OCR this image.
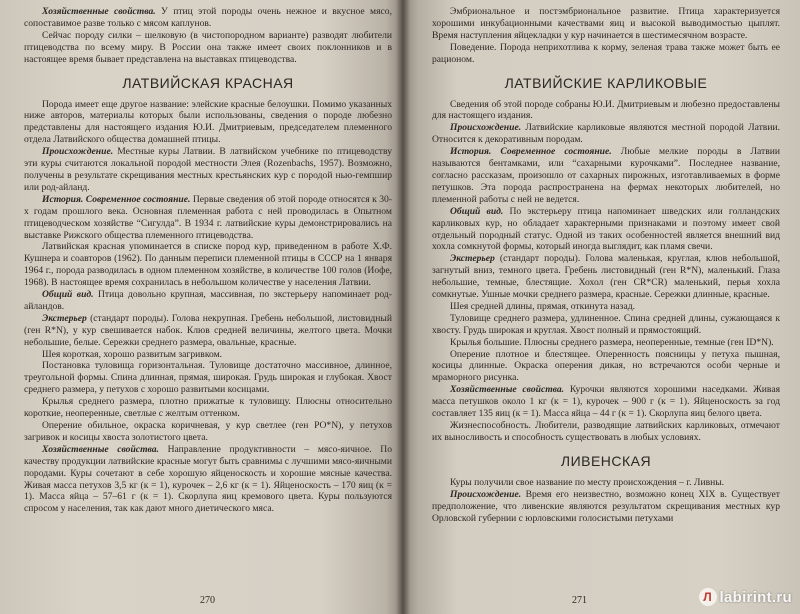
Хозяйственные свойства. У птиц этой породы очень нежное и вкусное мясо, сопоставимое разве только с мясом каплунов.

Сейчас породу силки – шелковую (в чистопородном варианте) разводят любители птицеводства по всему миру. В России она также имеет своих поклонников и в настоящее время бывает представлена на выставках птицеводства.

ЛАТВИЙСКАЯ КРАСНАЯ

Порода имеет еще другое название: элейские красные белоушки. Помимо указанных ниже авторов, материалы которых были использованы, сведения о породе любезно представлены для настоящего издания Ю.И. Дмитриевым, председателем племенного отдела Латвийского общества домашней птицы.

Происхождение. Местные куры Латвии. В латвийском учебнике по птицеводству эти куры считаются локальной породой местности Элея (Rozenbachs, 1957). Возможно, получены в результате скрещивания местных крестьянских кур с породой нью-гемпшир или род-айланд.

История. Современное состояние. Первые сведения об этой породе относятся к 30-х годам прошлого века. Основная племенная работа с ней проводилась в Опытном птицеводческом хозяйстве “Сигулда”. В 1934 г. латвийские куры демонстрировались на выставке Рижского общества племенного птицеводства.

Латвийская красная упоминается в списке пород кур, приведенном в работе Х.Ф. Кушнера и соавторов (1962). По данным переписи племенной птицы в СССР на 1 января 1964 г., порода разводилась в одном племенном хозяйстве, в количестве 100 голов (Иофе, 1968). В настоящее время сохранилась в небольшом количестве у населения Латвии.

Общий вид. Птица довольно крупная, массивная, по экстерьеру напоминает род-айландов.

Экстерьер (стандарт породы). Голова некрупная. Гребень небольшой, листовидный (ген R*N), у кур свешивается набок. Клюв средней величины, желтого цвета. Мочки небольшие, белые. Сережки среднего размера, овальные, красные.

Шея короткая, хорошо развитым загривком.

Постановка туловища горизонтальная. Туловище достаточно массивное, длинное, треугольной формы. Спина длинная, прямая, широкая. Грудь широкая и глубокая. Хвост среднего размера, у петухов с хорошо развитыми косицами.

Крылья среднего размера, плотно прижатые к туловищу. Плюсны относительно короткие, неоперенные, светлые с желтым оттенком.

Оперение обильное, окраска коричневая, у кур светлее (ген PO*N), у петухов загривок и косицы хвоста золотистого цвета.

Хозяйственные свойства. Направление продуктивности – мясо-яичное. По качеству продукции латвийские красные могут быть сравнимы с лучшими мясо-яичными породами. Куры сочетают в себе хорошую яйценоскость и хорошие мясные качества. Живая масса петухов 3,5 кг (к = 1), курочек – 2,6 кг (к = 1). Яйценоскость – 170 яиц (к = 1). Масса яйца – 57–61 г (к = 1). Скорлупа яиц кремового цвета. Куры пользуются спросом у населения, так как дают много диетического мяса.

270

Эмбриональное и постэмбриональное развитие. Птица характеризуется хорошими инкубационными качествами яиц и высокой выводимостью цыплят. Время наступления яйцекладки у кур начинается в шестимесячном возрасте.

Поведение. Порода неприхотлива к корму, зеленая трава также может быть ее рационом.

ЛАТВИЙСКИЕ КАРЛИКОВЫЕ

Сведения об этой породе собраны Ю.И. Дмитриевым и любезно предоставлены для настоящего издания.

Происхождение. Латвийские карликовые являются местной породой Латвии. Относится к декоративным породам.

История. Современное состояние. Любые мелкие породы в Латвии называются бентамками, или “сахарными курочками”. Последнее название, согласно рассказам, произошло от сахарных пирожных, изготавливаемых в форме петушков. Эта порода распространена на фермах некоторых любителей, но племенной работы с ней не ведется.

Общий вид. По экстерьеру птица напоминает шведских или голландских карликовых кур, но обладает характерными признаками и поэтому имеет свой отдельный породный статус. Одной из таких особенностей является внешний вид хохла сомкнутой формы, который иногда выглядит, как пламя свечи.

Экстерьер (стандарт породы). Голова маленькая, круглая, клюв небольшой, загнутый вниз, темного цвета. Гребень листовидный (ген R*N), маленький. Глаза небольшие, темные, блестящие. Хохол (ген CR*CR) маленький, перья хохла сомкнутые. Ушные мочки среднего размера, красные. Сережки длинные, красные.

Шея средней длины, прямая, откинута назад.

Туловище среднего размера, удлиненное. Спина средней длины, сужающаяся к хвосту. Грудь широкая и круглая. Хвост полный и прямостоящий.

Крылья большие. Плюсны среднего размера, неоперенные, темные (ген ID*N).

Оперение плотное и блестящее. Оперенность поясницы у петуха пышная, косицы длинные. Окраска оперения дикая, но встречаются особи черные и мраморного рисунка.

Хозяйственные свойства. Курочки являются хорошими наседками. Живая масса петушков около 1 кг (к = 1), курочек – 900 г (к = 1). Яйценоскость за год составляет 135 яиц (к = 1). Масса яйца – 44 г (к = 1). Скорлупа яиц белого цвета.

Жизнеспособность. Любители, разводящие латвийских карликовых, отмечают их выносливость и способность существовать в любых условиях.

ЛИВЕНСКАЯ

Куры получили свое название по месту происхождения – г. Ливны.

Происхождение. Время его неизвестно, возможно конец XIX в. Существует предположение, что ливенские являются результатом скрещивания местных кур Орловской губернии с юрловскими голосистыми петухами

271	Л labirint.ru
